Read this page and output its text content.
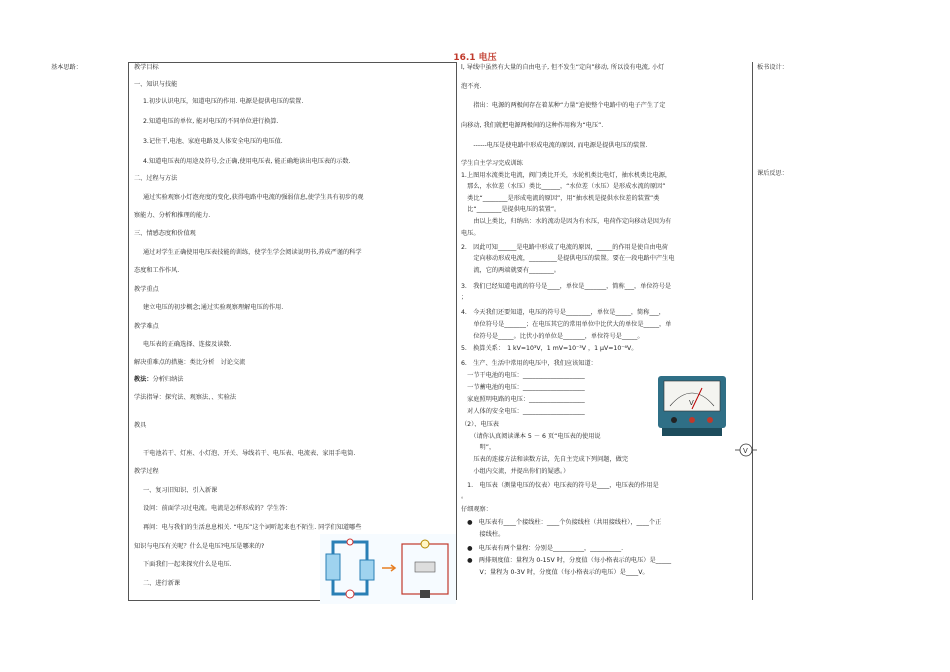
16.1 电压
基本思路：	板书设计：
课后反思：

教学目标

一、知识与技能

1.初步认识电压，知道电压的作用. 电源是提供电压的装置.

2.知道电压的单位, 能对电压的不同单位进行换算.

3.记住干,电池、家庭电路及人体安全电压的电压值.

4.知道电压表的用途及符号,会正确,使用电压表, 能正确地读出电压表的示数.

二、过程与方法

通过实验观察小灯泡亮度的变化,获得电路中电流的强弱信息,使学生具有初步的观

察能力、分析和推理的能力.

三、情感态度和价值观

通过对学生正确使用电压表技能的训练，使学生学会阅读说明书,养成严谨的科学

态度和工作作风.

教学重点

建立电压的初步概念;通过实验观察理解电压的作用.

教学难点

电压表的正确选择、连接及读数.

解决重难点的措施：类比分析　讨论交流

教法：分析归纳法

学法指导：探究法、观察法、、实验法

教具

干电池若干、灯座、小灯泡、开关、导线若干、电压表、电流表、家用手电筒.

教学过程

一、复习旧知识、引入新课

设问：前面学习过电流。电流是怎样形成的？学生答：

再问：电与我们的生活息息相关. “电压”这个词听起来也不陌生. 同学们知道哪些

知识与电压有关呢？什么是电压?电压是哪来的?

下面我们一起来探究什么是电压.

二、进行新课

l, 导线中虽然有大量的自由电子, 但不发生“定向”移动, 所以没有电流, 小灯

泡不亮.

　　指出：电源的两极间存在着某种“力量”迫使整个电路中的电子产生了定

向移动, 我们就把电源两极间的这种作用称为“电压”.

　　------电压是使电路中形成电流的原因, 而电源是提供电压的装置.

学生自主学习完成训练

1.上图用水流类比电流，阀门类比开关，水轮机类比电灯，抽水机类比电源，

　那么，水位差（水压）类比______，“水位差（水压）是形成水流的原因”

　类比“________是形成电流的原因”，用“抽水机是提供水位差的装置”类

　比“________是提供电压的装置”。

　　由以上类比，归纳出：水的流动是因为有水压，电荷作定向移动是因为有

电压。

2.　因此可知______是电路中形成了电流的原因，_____的作用是使自由电荷

　　定向移动形成电流，_________是提供电压的装置。要在一段电路中产生电

　　流，它的两端就要有________。

3.　我们已经知道电流的符号是____，单位是_______，简称___，单位符号是

；

4.　今天我们还要知道，电压的符号是________，单位是_____，简称___，

　　单位符号是_______；在电压其它的常用单位中比伏大的单位是_____，单

　　位符号是_____。比伏小的单位是_______，单位符号是_____。

5.　换算关系：　1 kV=10³V，1 mV=10⁻³V ，1 μV=10⁻⁶V。

6.　生产、生活中常用的电压中，我们应该知道：

　一节干电池的电压：____________________

　一节蓄电池的电压：____________________

　家庭照明电路的电压：__________________

　对人体的安全电压：____________________

（2）、电压表

　　（请你认真阅读课本 5 － 6 页“电压表的使用说

　　　明”，

　　压表的连接方法和读数方法，先自主完成下列问题，做完

　　小组内交流，并提出你们的疑惑。）

　1.　电压表（测量电压的仪表）电压表的符号是____，电压表的作用是

。

仔细观察：

　●　电压表有____个接线柱：____个负接线柱（共用接线柱），____个正

　　　接线柱。

　●　电压表有两个量程：分别是__________，__________.

　●　两排刻度值：量程为 0-15V 时，分度值（每小格表示的电压）是_____

　　　V；量程为 0-3V 时，分度值（每小格表示的电压）是____V。

V
V
